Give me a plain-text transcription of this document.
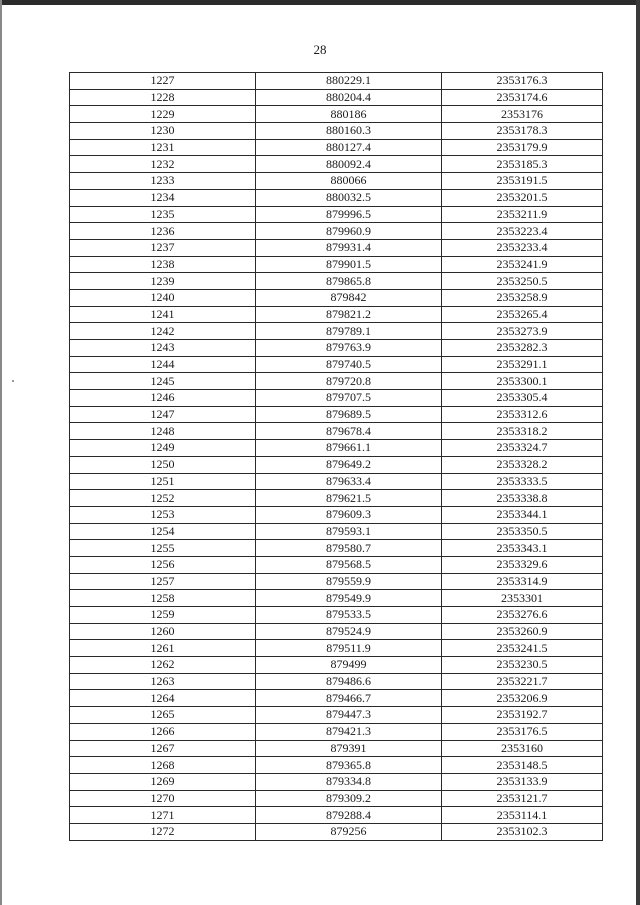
28
1227	880229.1	2353176.3
1228	880204.4	2353174.6
1229	880186	2353176
1230	880160.3	2353178.3
1231	880127.4	2353179.9
1232	880092.4	2353185.3
1233	880066	2353191.5
1234	880032.5	2353201.5
1235	879996.5	2353211.9
1236	879960.9	2353223.4
1237	879931.4	2353233.4
1238	879901.5	2353241.9
1239	879865.8	2353250.5
1240	879842	2353258.9
1241	879821.2	2353265.4
1242	879789.1	2353273.9
1243	879763.9	2353282.3
1244	879740.5	2353291.1
1245	879720.8	2353300.1
1246	879707.5	2353305.4
1247	879689.5	2353312.6
1248	879678.4	2353318.2
1249	879661.1	2353324.7
1250	879649.2	2353328.2
1251	879633.4	2353333.5
1252	879621.5	2353338.8
1253	879609.3	2353344.1
1254	879593.1	2353350.5
1255	879580.7	2353343.1
1256	879568.5	2353329.6
1257	879559.9	2353314.9
1258	879549.9	2353301
1259	879533.5	2353276.6
1260	879524.9	2353260.9
1261	879511.9	2353241.5
1262	879499	2353230.5
1263	879486.6	2353221.7
1264	879466.7	2353206.9
1265	879447.3	2353192.7
1266	879421.3	2353176.5
1267	879391	2353160
1268	879365.8	2353148.5
1269	879334.8	2353133.9
1270	879309.2	2353121.7
1271	879288.4	2353114.1
1272	879256	2353102.3
